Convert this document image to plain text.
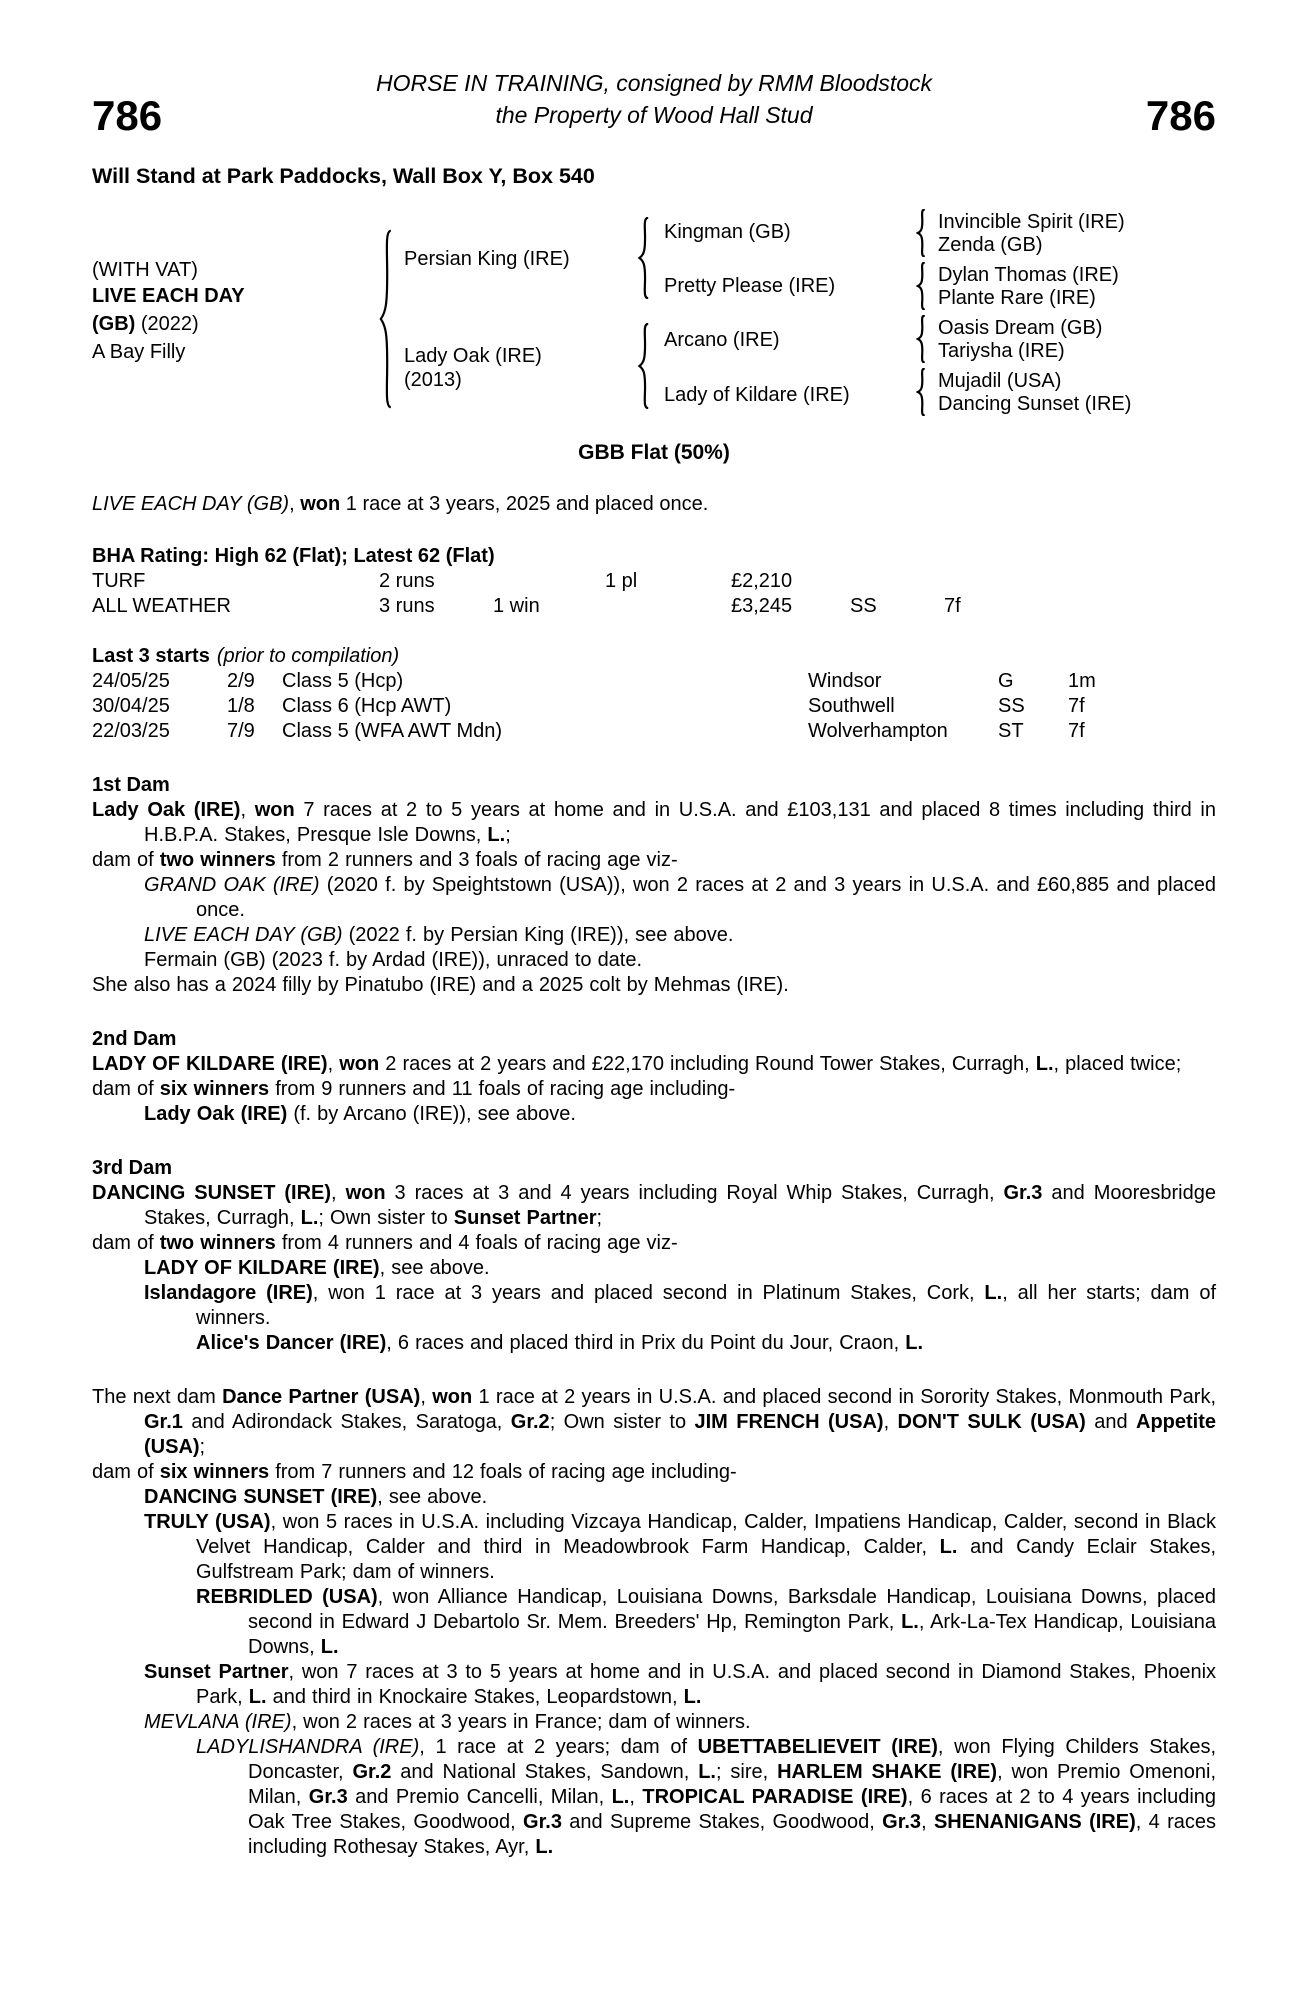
HORSE IN TRAINING, consigned by RMM Bloodstock
786	the Property of Wood Hall Stud	786
Will Stand at Park Paddocks, Wall Box Y, Box 540
(WITH VAT)
LIVE EACH DAY
(GB) (2022)
A Bay Filly
Persian King (IRE)
Lady Oak (IRE)
(2013)
Kingman (GB)
Pretty Please (IRE)
Arcano (IRE)
Lady of Kildare (IRE)
Invincible Spirit (IRE)
Zenda (GB)
Dylan Thomas (IRE)
Plante Rare (IRE)
Oasis Dream (GB)
Tariysha (IRE)
Mujadil (USA)
Dancing Sunset (IRE)
GBB Flat (50%)

LIVE EACH DAY (GB), won 1 race at 3 years, 2025 and placed once.

BHA Rating: High 62 (Flat); Latest 62 (Flat)
TURF	2 runs	1 pl	£2,210
ALL WEATHER	3 runs	1 win	£3,245	SS	7f

Last 3 starts (prior to compilation)

24/05/25	2/9 Class 5 (Hcp)	Windsor	G	1m
30/04/25	1/8 Class 6 (Hcp AWT)	Southwell	SS 7f
22/03/25	7/9 Class 5 (WFA AWT Mdn)	Wolverhampton	ST 7f
1st Dam

Lady Oak (IRE), won 7 races at 2 to 5 years at home and in U.S.A. and £103,131 and placed 8 times including third in H.B.P.A. Stakes, Presque Isle Downs, L.;

dam of two winners from 2 runners and 3 foals of racing age viz-

GRAND OAK (IRE) (2020 f. by Speightstown (USA)), won 2 races at 2 and 3 years in U.S.A. and £60,885 and placed once.

LIVE EACH DAY (GB) (2022 f. by Persian King (IRE)), see above.

Fermain (GB) (2023 f. by Ardad (IRE)), unraced to date.

She also has a 2024 filly by Pinatubo (IRE) and a 2025 colt by Mehmas (IRE).

2nd Dam

LADY OF KILDARE (IRE), won 2 races at 2 years and £22,170 including Round Tower Stakes, Curragh, L., placed twice;

dam of six winners from 9 runners and 11 foals of racing age including-

Lady Oak (IRE) (f. by Arcano (IRE)), see above.

3rd Dam

DANCING SUNSET (IRE), won 3 races at 3 and 4 years including Royal Whip Stakes, Curragh, Gr.3 and Mooresbridge Stakes, Curragh, L.; Own sister to Sunset Partner;

dam of two winners from 4 runners and 4 foals of racing age viz-

LADY OF KILDARE (IRE), see above.

Islandagore (IRE), won 1 race at 3 years and placed second in Platinum Stakes, Cork, L., all her starts; dam of winners.

Alice's Dancer (IRE), 6 races and placed third in Prix du Point du Jour, Craon, L.

The next dam Dance Partner (USA), won 1 race at 2 years in U.S.A. and placed second in Sorority Stakes, Monmouth Park, Gr.1 and Adirondack Stakes, Saratoga, Gr.2; Own sister to JIM FRENCH (USA), DON'T SULK (USA) and Appetite (USA);

dam of six winners from 7 runners and 12 foals of racing age including-

DANCING SUNSET (IRE), see above.

TRULY (USA), won 5 races in U.S.A. including Vizcaya Handicap, Calder, Impatiens Handicap, Calder, second in Black Velvet Handicap, Calder and third in Meadowbrook Farm Handicap, Calder, L. and Candy Eclair Stakes, Gulfstream Park; dam of winners.

REBRIDLED (USA), won Alliance Handicap, Louisiana Downs, Barksdale Handicap, Louisiana Downs, placed second in Edward J Debartolo Sr. Mem. Breeders' Hp, Remington Park, L., Ark-La-Tex Handicap, Louisiana Downs, L.

Sunset Partner, won 7 races at 3 to 5 years at home and in U.S.A. and placed second in Diamond Stakes, Phoenix Park, L. and third in Knockaire Stakes, Leopardstown, L.

MEVLANA (IRE), won 2 races at 3 years in France; dam of winners.

LADYLISHANDRA (IRE), 1 race at 2 years; dam of UBETTABELIEVEIT (IRE), won Flying Childers Stakes, Doncaster, Gr.2 and National Stakes, Sandown, L.; sire, HARLEM SHAKE (IRE), won Premio Omenoni, Milan, Gr.3 and Premio Cancelli, Milan, L., TROPICAL PARADISE (IRE), 6 races at 2 to 4 years including Oak Tree Stakes, Goodwood, Gr.3 and Supreme Stakes, Goodwood, Gr.3, SHENANIGANS (IRE), 4 races including Rothesay Stakes, Ayr, L.
